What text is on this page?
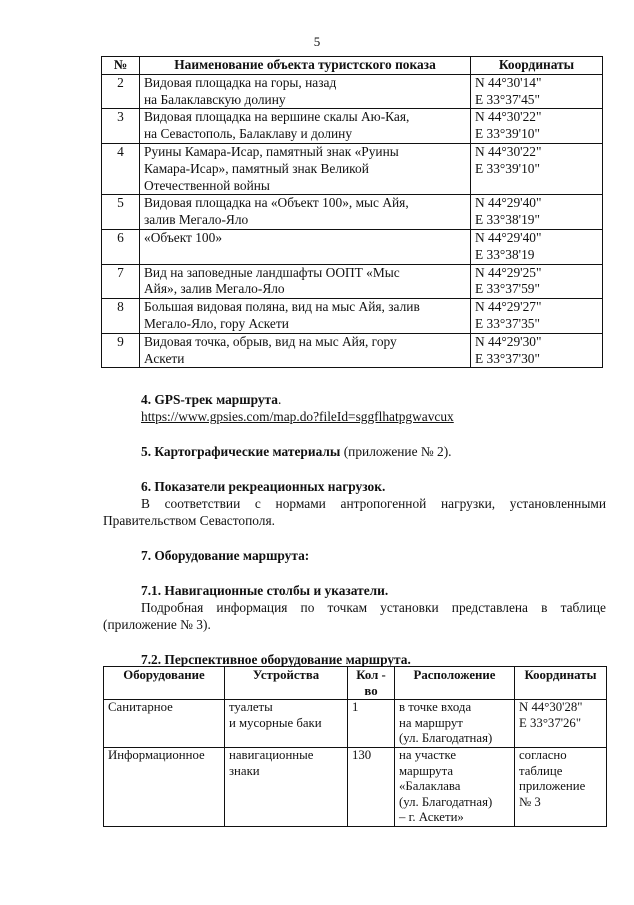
5
№	Наименование объекта туристского показа	Координаты
2	Видовая площадка на горы, назад
на Балаклавскую долину	N 44°30'14"
E 33°37'45"
3	Видовая площадка на вершине скалы Аю-Кая,
на Севастополь, Балаклаву и долину	N 44°30'22"
E 33°39'10"
4	Руины Камара-Исар, памятный знак «Руины
Камара-Исар», памятный знак Великой
Отечественной войны	N 44°30'22"
E 33°39'10"
5	Видовая площадка на «Объект 100», мыс Айя,
залив Мегало-Яло	N 44°29'40"
E 33°38'19"
6	«Объект 100»	N 44°29'40"
E 33°38'19
7	Вид на заповедные ландшафты ООПТ «Мыс
Айя», залив Мегало-Яло	N 44°29'25"
E 33°37'59"
8	Большая видовая поляна, вид на мыс Айя, залив
Мегало-Яло, гору Аскети	N 44°29'27"
E 33°37'35"
9	Видовая точка, обрыв, вид на мыс Айя, гору
Аскети	N 44°29'30"
E 33°37'30"
4. GPS-трек маршрута.
https://www.gpsies.com/map.do?fileId=sggflhatpgwavcux
5. Картографические материалы (приложение № 2).
6. Показатели рекреационных нагрузок.
В соответствии с нормами антропогенной нагрузки, установленными Правительством Севастополя.
7. Оборудование маршрута:
7.1. Навигационные столбы и указатели.
Подробная информация по точкам установки представлена в таблице (приложение № 3).
7.2. Перспективное оборудование маршрута.
Оборудование	Устройства	Кол -
во	Расположение	Координаты
Санитарное	туалеты
и мусорные баки	1	в точке входа
на маршрут
(ул. Благодатная)	N 44°30'28"
E 33°37'26"
Информационное	навигационные
знаки	130	на участке
маршрута
«Балаклава
(ул. Благодатная)
– г. Аскети»	согласно
таблице
приложение
№ 3
